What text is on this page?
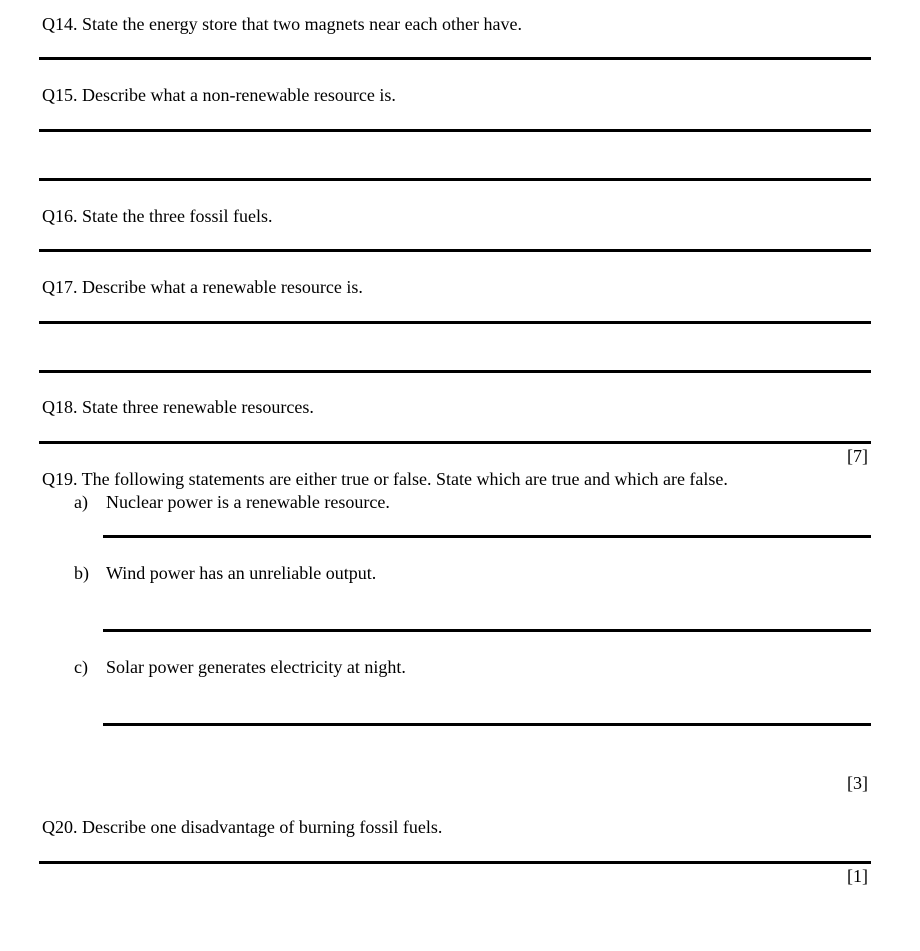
Q14. State the energy store that two magnets near each other have.
Q15. Describe what a non-renewable resource is.
Q16. State the three fossil fuels.
Q17. Describe what a renewable resource is.
Q18. State three renewable resources.
[7]
Q19. The following statements are either true or false. State which are true and which are false.
a) Nuclear power is a renewable resource.
b) Wind power has an unreliable output.
c) Solar power generates electricity at night.
[3]
Q20. Describe one disadvantage of burning fossil fuels.
[1]
